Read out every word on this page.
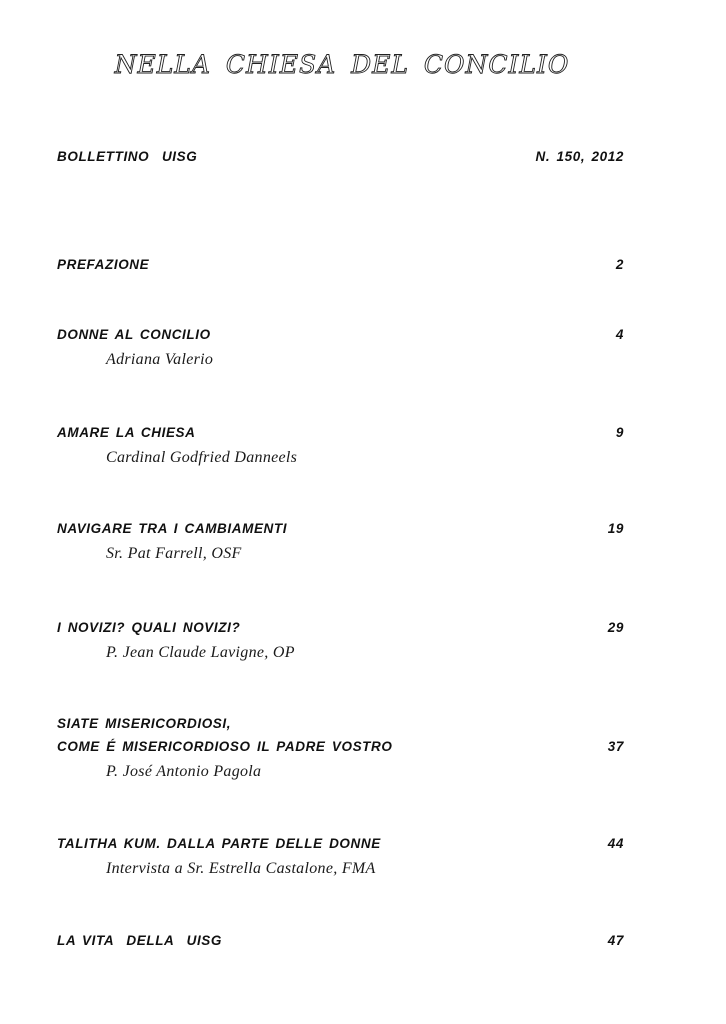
NELLA CHIESA DEL CONCILIO
BOLLETTINO  UISG	N. 150, 2012
PREFAZIONE	2
DONNE AL CONCILIO	4
Adriana Valerio
AMARE LA CHIESA	9
Cardinal Godfried Danneels
NAVIGARE TRA I CAMBIAMENTI	19
Sr. Pat Farrell, OSF
I NOVIZI? QUALI NOVIZI?	29
P. Jean Claude Lavigne, OP
SIATE MISERICORDIOSI,
COME É MISERICORDIOSO IL PADRE VOSTRO	37
P. José Antonio Pagola
TALITHA KUM. DALLA PARTE DELLE DONNE	44
Intervista a Sr. Estrella Castalone, FMA
LA VITA  DELLA  UISG	47
